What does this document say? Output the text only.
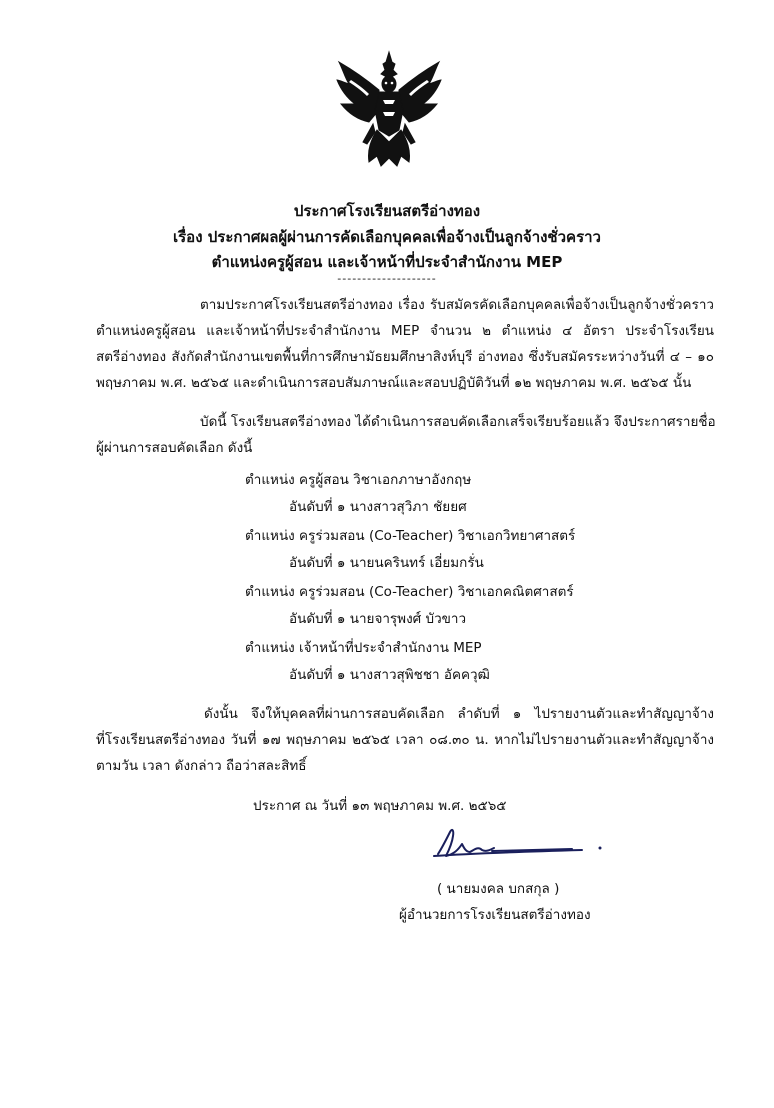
ประกาศโรงเรียนสตรีอ่างทอง
เรื่อง ประกาศผลผู้ผ่านการคัดเลือกบุคคลเพื่อจ้างเป็นลูกจ้างชั่วคราว
ตำแหน่งครูผู้สอน และเจ้าหน้าที่ประจำสำนักงาน MEP
--------------------
ตามประกาศโรงเรียนสตรีอ่างทอง เรื่อง รับสมัครคัดเลือกบุคคลเพื่อจ้างเป็นลูกจ้างชั่วคราว
ตำแหน่งครูผู้สอน และเจ้าหน้าที่ประจำสำนักงาน MEP จำนวน ๒ ตำแหน่ง ๔ อัตรา ประจำโรงเรียน
สตรีอ่างทอง สังกัดสำนักงานเขตพื้นที่การศึกษามัธยมศึกษาสิงห์บุรี อ่างทอง ซึ่งรับสมัครระหว่างวันที่ ๔ – ๑๐
พฤษภาคม พ.ศ. ๒๕๖๕ และดำเนินการสอบสัมภาษณ์และสอบปฏิบัติวันที่ ๑๒ พฤษภาคม พ.ศ. ๒๕๖๕ นั้น
บัดนี้ โรงเรียนสตรีอ่างทอง ได้ดำเนินการสอบคัดเลือกเสร็จเรียบร้อยแล้ว จึงประกาศรายชื่อ
ผู้ผ่านการสอบคัดเลือก ดังนี้
ตำแหน่ง ครูผู้สอน วิชาเอกภาษาอังกฤษ
อันดับที่ ๑ นางสาวสุวิภา ชัยยศ
ตำแหน่ง ครูร่วมสอน (Co-Teacher) วิชาเอกวิทยาศาสตร์
อันดับที่ ๑ นายนครินทร์ เอี่ยมกรั่น
ตำแหน่ง ครูร่วมสอน (Co-Teacher) วิชาเอกคณิตศาสตร์
อันดับที่ ๑ นายจารุพงศ์ บัวขาว
ตำแหน่ง เจ้าหน้าที่ประจำสำนักงาน MEP
อันดับที่ ๑ นางสาวสุพิชชา อัคควุฒิ
ดังนั้น จึงให้บุคคลที่ผ่านการสอบคัดเลือก ลำดับที่ ๑ ไปรายงานตัวและทำสัญญาจ้าง
ที่โรงเรียนสตรีอ่างทอง วันที่ ๑๗ พฤษภาคม ๒๕๖๕ เวลา ๐๘.๓๐ น. หากไม่ไปรายงานตัวและทำสัญญาจ้าง
ตามวัน เวลา ดังกล่าว ถือว่าสละสิทธิ์
ประกาศ ณ วันที่ ๑๓ พฤษภาคม พ.ศ. ๒๕๖๕
( นายมงคล บกสกุล )
ผู้อำนวยการโรงเรียนสตรีอ่างทอง
